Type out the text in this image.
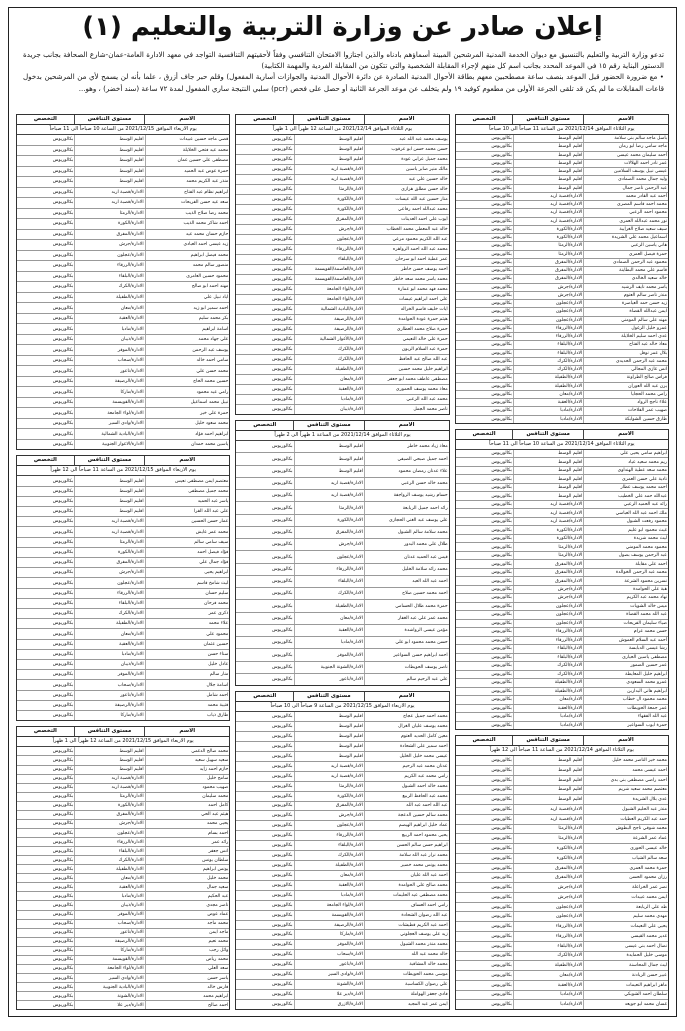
إعلان صادر عن وزارة التربية والتعليم (١)

تدعو وزارة التربية والتعليم بالتنسيق مع ديوان الخدمة المدنية المرشحين المبينة أسماؤهم بادناه والذين اجتازوا الامتحان التنافسي وفقاً لأحقيتهم التنافسية التواجد في معهد الادارة العامة-عمان-شارع الصحافة بجانب جريدة الدستور البناية رقم ١٥ في الموعد المحدد بجانب اسم كل منهم لإجراء المقابلة الشخصية والتي تتكون من المقابلة الفردية والمهمة الكتابية)

• مع ضرورة الحضور قبل الموعد بنصف ساعة مصطحبين معهم بطاقة الأحوال المدنية الصادرة عن دائرة الأحوال المدنية والجوازات أسارية المفعول) وقلم حبر جاف أزرق ، علما بأنه لن يسمح لأي من المرشحين بدخول قاعات المقابلات ما لم يكن قد تلقى الجرعة الأولى من مطعوم كوفيد ١٩ ولم يتخلف عن موعد الجرعة الثانية أو حصل على فحص (pcr) سلبي النتيجة ساري المفعول لمدة ٧٢ ساعة (سند أخضر) ، وهو...

الاسم
مستوى التنافس
التخصص
يوم الثلاثاء الموافق 2021/12/14 من الساعة 11 صباحاً الى 10 صباحاً
باسل ماجد سالم بني سلامة
اقليم الوسط
بكالوريوس
ماجد سامي رضا ابو رمان
اقليم الوسط
بكالوريوس
أحمد سليمان محمد عيسى
اقليم الوسط
بكالوريوس
عمر نادر احمد الهلالات
اقليم الوسط
بكالوريوس
عيسى نبيل يوسف السلامين
اقليم الوسط
بكالوريوس
وليد جمال محمد الصمادي
اقليم الوسط
بكالوريوس
عبد الرحمن ناصر جمال
اقليم الوسط
بكالوريوس
أحمد عبد القادر محمد
الادارة/قصبة اربد
بكالوريوس
محمد احمد قاسم المصري
الادارة/قصبة اربد
بكالوريوس
محمود احمد الزعبي
الادارة/قصبة اربد
بكالوريوس
نور محمد عبدالله العمري
الادارة/قصبة اربد
بكالوريوس
سيف سعيد صلاح الغرايبة
الادارة/الكورة
بكالوريوس
اسماعيل محمد علي الشريدة
الادارة/الكورة
بكالوريوس
هاني ياسين الزعبي
الادارة/الرمثا
بكالوريوس
حمزة فيصل العمري
الادارة/الرمثا
بكالوريوس
محمود عبد الرحمن الصمادي
الادارة/المفرق
بكالوريوس
قاسم علي محمد البطاينة
الادارة/المفرق
بكالوريوس
خالد سعيد الخالدي
الادارة/المفرق
بكالوريوس
ياسر محمد نايف الرشيد
الادارة/جرش
بكالوريوس
منذر ناصر سالم العتوم
الادارة/جرش
بكالوريوس
زيد حسن حمد العياصرة
الادارة/عجلون
بكالوريوس
ايمن عبدالله القضاة
الادارة/عجلون
بكالوريوس
مهند علي سالم المومني
الادارة/عجلون
بكالوريوس
عمرو خليل الزغول
الادارة/الزرقاء
بكالوريوس
عدي احمد سليم الخلايلة
الادارة/الزرقاء
بكالوريوس
معاذ خالد عبد الفتاح
الادارة/البلقاء
بكالوريوس
بلال عمر نوفل
الادارة/البلقاء
بكالوريوس
محمد عبد الرحمن الحديدي
الادارة/الكرك
بكالوريوس
انس غازي المجالي
الادارة/الكرك
بكالوريوس
فراس صالح الطراونة
الادارة/الطفيلة
بكالوريوس
يزن عبد الله العوران
الادارة/الطفيلة
بكالوريوس
رامي محمد الحجايا
الادارة/معان
بكالوريوس
علاء ناجح الرواد
الادارة/العقبة
بكالوريوس
صهيب عمر الفلاحات
الادارة/مادبا
بكالوريوس
طارق حسين الشوابكة
الادارة/مادبا
بكالوريوس
الاسم
مستوى التنافس
التخصص
يوم الثلاثاء الموافق 2021/12/14 من الساعة 10 صباحاً الى 11 صباحاً
ابراهيم سامي يحيى علي
اقليم الوسط
بكالوريوس
ريم محمد سعيد عياد
اقليم الوسط
بكالوريوس
محمد سعد عطية الهنداوي
اقليم الوسط
بكالوريوس
نادية علي حسن العمري
اقليم الوسط
بكالوريوس
احمد محمد يوسف عطار
اقليم الوسط
بكالوريوس
عبدالله حمد علي الخطيب
اقليم الوسط
بكالوريوس
رائد عبد الحميد الزعبي
الادارة/قصبة اربد
بكالوريوس
ملك احمد عبد الله العباسي
الادارة/قصبة اربد
بكالوريوس
محمود رفعت الشبول
الادارة/قصبة اربد
بكالوريوس
غيث محمود ابو عليم
الادارة/الكورة
بكالوريوس
ليث محمد شريدة
الادارة/الكورة
بكالوريوس
محمود محمد المومني
الادارة/الرمثا
بكالوريوس
عبد الرحمن يوسف بصول
الادارة/الرمثا
بكالوريوس
احمد علي مقابلة
الادارة/المفرق
بكالوريوس
محمد عبد الرحمن الخوالدة
الادارة/المفرق
بكالوريوس
نسرين محمود الشرعة
الادارة/المفرق
بكالوريوس
هبة علي الحوامدة
الادارة/جرش
بكالوريوس
نهاد محمد عبد الكريم
الادارة/جرش
بكالوريوس
ميس خالد الشويات
الادارة/عجلون
بكالوريوس
عبد الله محمد القضاة
الادارة/عجلون
بكالوريوس
ضياء سليمان الفريحات
الادارة/عجلون
بكالوريوس
حسن محمد عزام
الادارة/الزرقاء
بكالوريوس
أحمد عبد السلام العموش
الادارة/الزرقاء
بكالوريوس
رشا عيسى الدبابسة
الادارة/البلقاء
بكالوريوس
مصطفى ياسين الحياري
الادارة/البلقاء
بكالوريوس
عمر حسين الضمور
الادارة/الكرك
بكالوريوس
ابراهيم خليل المعايطة
الادارة/الكرك
بكالوريوس
عمرو محمد السعودي
الادارة/الطفيلة
بكالوريوس
ابراهيم هاني البدارين
الادارة/الطفيلة
بكالوريوس
محمد محمود ال خطاب
الادارة/معان
بكالوريوس
عمر جمعة الحويطات
الادارة/العقبة
بكالوريوس
عبد الله الفقهاء
الادارة/مادبا
بكالوريوس
حمزة ايوب السواعير
الادارة/مادبا
بكالوريوس
الاسم
مستوى التنافس
التخصص
يوم الثلاثاء الموافق 2021/12/14 من الساعة 11 صباحاً الى 12 ظهراً
محمد خير الناصر محمد خليل
اقليم الوسط
بكالوريوس
احمد عيسى محمد
اقليم الوسط
بكالوريوس
احمد راضي مصطفى بني بدي
اقليم الوسط
بكالوريوس
معتصم محمد سعيد شريم
اقليم الوسط
بكالوريوس
عدي بلال الشريدة
اقليم الوسط
بكالوريوس
منذر عبد الحليم الشبول
الادارة/قصبة اربد
بكالوريوس
حمد عبد الكريم العطيات
الادارة/قصبة اربد
بكالوريوس
محمد شوقي ناجح البطوش
الادارة/الرمثا
بكالوريوس
عماد عمر الشرعة
الادارة/الرمثا
بكالوريوس
خالد عيسى الحوري
الادارة/الكورة
بكالوريوس
سعد سالم الشياب
الادارة/الكورة
بكالوريوس
حمزة محمد العمري
الادارة/المفرق
بكالوريوس
رزان محمود الحسن
الادارة/المفرق
بكالوريوس
نصر عمر الخزاعلة
الادارة/جرش
بكالوريوس
ايمن محمد عبيدات
الادارة/جرش
بكالوريوس
طه علي الربابعة
الادارة/عجلون
بكالوريوس
مهدي محمد سليم
الادارة/عجلون
بكالوريوس
يحيى علي النعيمات
الادارة/الزرقاء
بكالوريوس
غدير محمد القيسي
الادارة/الزرقاء
بكالوريوس
نضال احمد بني عيسى
الادارة/البلقاء
بكالوريوس
موسى خليل الحمايدة
الادارة/الكرك
بكالوريوس
ليث جمال المحاسنة
الادارة/الطفيلة
بكالوريوس
عبير حسن الزيادنة
الادارة/معان
بكالوريوس
ماهر ابراهيم النعيمات
الادارة/العقبة
بكالوريوس
سلطان احمد الشوبكي
الادارة/مادبا
بكالوريوس
غسان محمد ابو جويعد
الادارة/مادبا
بكالوريوس
الاسم
مستوى التنافس
التخصص
يوم الثلاثاء الموافق 2021/12/14 من الساعة 12 ظهراً الى 1 ظهراً
يوسف محمد عبد الله عبد
اقليم الوسط
بكالوريوس
حسن محمد حسن ابو عرقوب
اقليم الوسط
بكالوريوس
محمد جميل عرابي عودة
اقليم الوسط
بكالوريوس
مالك منير صابر ياسين
الادارة/قصبة اربد
بكالوريوس
خالد حسين علي عيد
الادارة/قصبة اربد
بكالوريوس
خالد حسن مطلق هزازي
الادارة/الرمثا
بكالوريوس
منار حسين عبد الله عيسات
الادارة/الكورة
بكالوريوس
محمد عبدالله احمد رفاعي
الادارة/الكورة
بكالوريوس
ايوب علي احمد العدينات
الادارة/المفرق
بكالوريوس
خالد عبد المعطي محمد الخطاب
الادارة/جرش
بكالوريوس
عبد الله الكريم محمود مرعي
الادارة/عجلون
بكالوريوس
محمد عبد الله احمد الزواهره
الادارة/الزرقاء
بكالوريوس
عمر عطية احمد ابو سرحان
الادارة/البلقاء
بكالوريوس
احمد يوسف حسن خاطر
الادارة/العاصمة/القويسمة
بكالوريوس
محمد ياسر محمد سعد خاطر
الادارة/العاصمة/القويسمة
بكالوريوس
محمد فهد محمد ابو عمارة
الادارة/لواء الجامعة
بكالوريوس
علي احمد ابراهيم عيسات
الادارة/لواء الجامعة
بكالوريوس
ايات خليف قاسم الخزاله
الادارة/البادية الشمالية
بكالوريوس
هيثم حمزة عودة الحوامدة
الادارة/الرصيفة
بكالوريوس
حمزة صلاح محمد العطاري
الادارة/الرصيفة
بكالوريوس
حمزة علي خالد النعيمي
الادارة/الأغوار الشمالية
بكالوريوس
حمزة عبد السلام الزبون
الادارة/الكرك
بكالوريوس
عبد الله صالح عبد الحافظ
الادارة/الكرك
بكالوريوس
ابراهيم خليل محمد حسين
الادارة/الطفيلة
بكالوريوس
مصطفى عاطف محمد ابو جعفر
الادارة/معان
بكالوريوس
معاذ محمد يوسف الحموري
الادارة/العقبة
بكالوريوس
محمد عبد الله الزعبي
الادارة/مادبا
بكالوريوس
ناصر محمد الجمل
الادارة/ذيبان
بكالوريوس
الاسم
مستوى التنافس
التخصص
يوم الثلاثاء الموافق 2021/12/14 من الساعة 1 ظهراً الى 2 ظهراً
معاذ زياد محمد خاطر
اقليم الوسط
بكالوريوس
احمد جميل صبحي الصيفي
اقليم الوسط
بكالوريوس
علاء عدنان رمضان محمود
اقليم الوسط
بكالوريوس
محمد خالد حسن الزعبي
الادارة/قصبة اربد
بكالوريوس
حسام رشيد يوسف الرواجفة
الادارة/قصبة اربد
بكالوريوس
رائد احمد جميل الربابعة
الادارة/الرمثا
بكالوريوس
علي يوسف عبد الغني الحجازي
الادارة/الكورة
بكالوريوس
محمد سلامة سالم الشبول
الادارة/المفرق
بكالوريوس
طلال علي محمد البدور
الادارة/جرش
بكالوريوس
قيس عبد الحميد عدنان
الادارة/عجلون
بكالوريوس
محمد رائد سلامة الخليل
الادارة/الزرقاء
بكالوريوس
احمد عبد الله العبد
الادارة/البلقاء
بكالوريوس
احمد محمد حسين صلاح
الادارة/الكرك
بكالوريوس
حمزة محمد طلال الحسامي
الادارة/الطفيلة
بكالوريوس
محمد عمر علي عبد الغفار
الادارة/معان
بكالوريوس
مؤمن عيسى الرواشدة
الادارة/العقبة
بكالوريوس
حسن محمد محمود ابو علي
الادارة/مادبا
بكالوريوس
احمد ابراهيم حسن السواعير
الادارة/الموقر
بكالوريوس
ناصر يوسف الحويطات
الادارة/الشونة الجنوبية
بكالوريوس
علي عبد الرحيم سالم
الادارة/ناعور
بكالوريوس
الاسم
مستوى التنافس
التخصص
يوم الاربعاء الموافق 2021/12/15 من الساعة 9 صباحاً الى 10 صباحاً
محمد احمد جميل عجاج
اقليم الوسط
بكالوريوس
محمد يوسف عليان الغزال
اقليم الوسط
بكالوريوس
معين كامل الحديد العتوم
اقليم الوسط
بكالوريوس
احمد سمير علي الشحادة
اقليم الوسط
بكالوريوس
عيسى محمد خليل الخليل
اقليم الوسط
بكالوريوس
عدنان محمد عبد الرحيم
الادارة/قصبة اربد
بكالوريوس
رامي محمد عبد الكريم
الادارة/قصبة اربد
بكالوريوس
محمد خالد احمد الشبول
الادارة/الرمثا
بكالوريوس
محمد عبد الحافظ الربيع
الادارة/الكورة
بكالوريوس
عبد الله احمد عبد الله
الادارة/المفرق
بكالوريوس
محمد سالم حسين الدعجة
الادارة/جرش
بكالوريوس
عماد خليل ابراهيم الهيصم
الادارة/عجلون
بكالوريوس
يحيى محمود احمد الربيع
الادارة/الزرقاء
بكالوريوس
ابراهيم حسن سالم الحسن
الادارة/البلقاء
بكالوريوس
محمد نزار عبد الله سلامة
الادارة/الكرك
بكالوريوس
محمد يونس محمد خضير
الادارة/الطفيلة
بكالوريوس
احمد عبد الله عليان
الادارة/معان
بكالوريوس
محمد صالح علي الحوامدة
الادارة/العقبة
بكالوريوس
محمد مصطفى عيد الحليمات
الادارة/مادبا
بكالوريوس
رامي احمد العساف
الادارة/لواء الجامعة
بكالوريوس
عبد الله رضوان الشحادة
الادارة/القويسمة
بكالوريوس
احمد عبد الكريم قطيشات
الادارة/الرصيفة
بكالوريوس
زيد علي يوسف العجلوني
الادارة/ماركا
بكالوريوس
محمد منذر محمد الشبول
الادارة/الموقر
بكالوريوس
خالد محمد عبد الله
الادارة/سحاب
بكالوريوس
محمد خالد المشاقبة
الادارة/ناعور
بكالوريوس
موسى محمد الحويطات
الادارة/وادي السير
بكالوريوس
علي رضوان الكساسبة
الادارة/الشونة
بكالوريوس
فادي جعفر الهواملة
الادارة/دير علا
بكالوريوس
ايمن عمر عبد المجيد
الادارة/الازرق
بكالوريوس
الاسم
مستوى التنافس
التخصص
يوم الاربعاء الموافق 2021/12/15 من الساعة 10 صباحاً الى 11 صباحاً
قصي ماجد حسين عبيدات
اقليم الوسط
بكالوريوس
محمد عيد فتحي الخلايلة
اقليم الوسط
بكالوريوس
مصطفى علي حسين عمان
اقليم الوسط
بكالوريوس
حمزة عوض عبد الحميد
اقليم الوسط
بكالوريوس
منذر عبد الكريم محمد
اقليم الوسط
بكالوريوس
ابراهيم نظام عبد الفتاح
الادارة/قصبة اربد
بكالوريوس
سعد عيد حسن الفريحات
الادارة/قصبة اربد
بكالوريوس
محمد رضا صلاح الذيب
الادارة/الرمثا
بكالوريوس
احمد شاكر محمد الذيب
الادارة/الكورة
بكالوريوس
حازم حسان محمد عيد
الادارة/المفرق
بكالوريوس
زيد عيسى احمد العبادي
الادارة/جرش
بكالوريوس
محمد فيصل ابراهيم
الادارة/عجلون
بكالوريوس
منصور سالم محمد
الادارة/الزرقاء
بكالوريوس
محمود حسين العامري
الادارة/البلقاء
بكالوريوس
مهند احمد ابو صالح
الادارة/الكرك
بكالوريوس
اياد نبيل علي
الادارة/الطفيلة
بكالوريوس
احمد سمير ابو زيد
الادارة/معان
بكالوريوس
بكر محمد سليم
الادارة/العقبة
بكالوريوس
اسامة ابراهيم
الادارة/مادبا
بكالوريوس
علي جهاد محمد
الادارة/ذيبان
بكالوريوس
يوسف عبد الرحمن
الادارة/الموقر
بكالوريوس
سامي احمد خالد
الادارة/سحاب
بكالوريوس
محمد حسن علي
الادارة/ناعور
بكالوريوس
حسين محمد الحاج
الادارة/الرصيفة
بكالوريوس
رامي عيد محمود
الادارة/ماركا
بكالوريوس
نبيل محمد اسماعيل
الادارة/القويسمة
بكالوريوس
حمزة علي خير
الادارة/لواء الجامعة
بكالوريوس
محمد سعود خليل
الادارة/وادي السير
بكالوريوس
ابراهيم احمد فؤاد
الادارة/البادية الشمالية
بكالوريوس
ياسين محمد حمدان
الادارة/الاغوار الجنوبية
بكالوريوس
الاسم
مستوى التنافس
التخصص
يوم الاربعاء الموافق 2021/12/15 من الساعة 11 صباحاً الى 12 ظهراً
معتصم ايمن مصطفى نعيس
اقليم الوسط
بكالوريوس
محمد جميل مصطفى
اقليم الوسط
بكالوريوس
ياسر عبد الحميد
اقليم الوسط
بكالوريوس
علي عبد الله الفرا
اقليم الوسط
بكالوريوس
عمار حسن الحسين
الادارة/قصبة اربد
بكالوريوس
محمد عمر عايش
الادارة/قصبة اربد
بكالوريوس
سيف سامي سالم
الادارة/الرمثا
بكالوريوس
فؤاد فيصل احمد
الادارة/الكورة
بكالوريوس
فؤاد جمال علي
الادارة/المفرق
بكالوريوس
ابراهيم يحيى
الادارة/جرش
بكالوريوس
ليث شامخ قاسم
الادارة/عجلون
بكالوريوس
سليم حسان
الادارة/الزرقاء
بكالوريوس
محمد فرحان
الادارة/البلقاء
بكالوريوس
ذكرى عمر
الادارة/الكرك
بكالوريوس
علاء محمد
الادارة/الطفيلة
بكالوريوس
محمود علي
الادارة/معان
بكالوريوس
حسين عثمان
الادارة/العقبة
بكالوريوس
سناء حسن
الادارة/مادبا
بكالوريوس
عادل خليل
الادارة/ذيبان
بكالوريوس
منار سالم
الادارة/الموقر
بكالوريوس
اسامة جلال
الادارة/سحاب
بكالوريوس
احمد شامل
الادارة/ناعور
بكالوريوس
قتيبة محمد
الادارة/الرصيفة
بكالوريوس
طارق ذياب
الادارة/ماركا
بكالوريوس
الاسم
مستوى التنافس
التخصص
يوم الاربعاء الموافق 2021/12/15 من الساعة 12 ظهراً الى 1 ظهراً
محمد صالح الدغمي
اقليم الوسط
بكالوريوس
سعيد سهيل سعيد
اقليم الوسط
بكالوريوس
حازم احمد زايد
اقليم الوسط
بكالوريوس
سامح خليل
الادارة/قصبة اربد
بكالوريوس
صهيب محمود
الادارة/قصبة اربد
بكالوريوس
محمد سليمان
الادارة/الرمثا
بكالوريوس
كامل احمد
الادارة/الكورة
بكالوريوس
هيثم عبد الحي
الادارة/المفرق
بكالوريوس
يحيى محمد
الادارة/جرش
بكالوريوس
احمد بسام
الادارة/عجلون
بكالوريوس
رائد عمر
الادارة/الزرقاء
بكالوريوس
انس جعفر
الادارة/البلقاء
بكالوريوس
سلطان يونس
الادارة/الكرك
بكالوريوس
يونس ابراهيم
الادارة/الطفيلة
بكالوريوس
محمد خليل
الادارة/معان
بكالوريوس
سعيد جمال
الادارة/العقبة
بكالوريوس
عبد الحكيم
الادارة/مادبا
بكالوريوس
ناصر مجدي
الادارة/ذيبان
بكالوريوس
عماد عوض
الادارة/الموقر
بكالوريوس
محمد ماجد
الادارة/سحاب
بكالوريوس
ماجد ايمن
الادارة/ناعور
بكالوريوس
محمد نعيم
الادارة/الرصيفة
بكالوريوس
وائل رجب
الادارة/ماركا
بكالوريوس
محمد رياض
الادارة/القويسمة
بكالوريوس
سعد العلي
الادارة/لواء الجامعة
بكالوريوس
ياسر حسن
الادارة/وادي السير
بكالوريوس
فارس خالد
الادارة/البادية الجنوبية
بكالوريوس
ابراهيم محمد
الادارة/الشونة
بكالوريوس
احمد صالح
الادارة/دير علا
بكالوريوس
